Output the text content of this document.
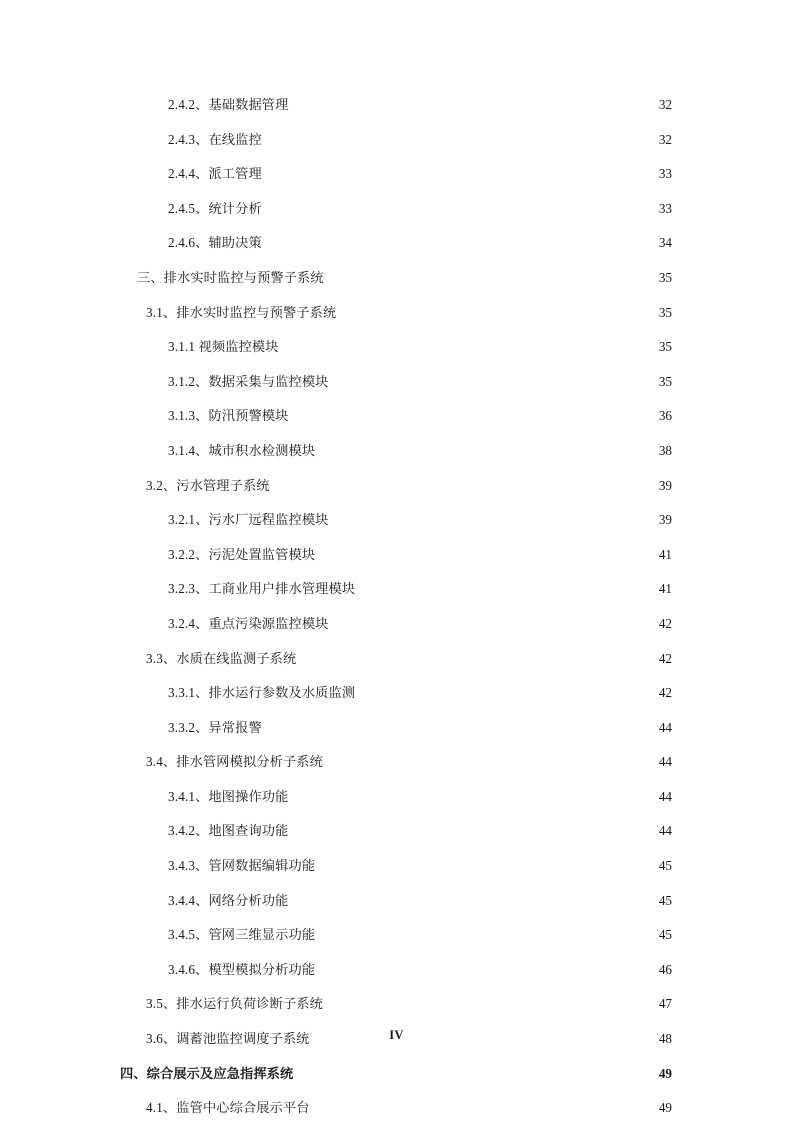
2.4.2、基础数据管理 . . .	32
2.4.3、在线监控 . . .	32
2.4.4、派工管理 . . .	33
2.4.5、统计分析 . . .	33
2.4.6、辅助决策 . . .	34
三、排水实时监控与预警子系统 . . .	35
3.1、排水实时监控与预警子系统 . . .	35
3.1.1 视频监控模块 . . .	35
3.1.2、数据采集与监控模块 . . .	35
3.1.3、防汛预警模块 . . .	36
3.1.4、城市积水检测模块 . . .	38
3.2、污水管理子系统 . . .	39
3.2.1、污水厂远程监控模块 . . .	39
3.2.2、污泥处置监管模块 . . .	41
3.2.3、工商业用户排水管理模块 . . .	41
3.2.4、重点污染源监控模块 . . .	42
3.3、水质在线监测子系统 . . .	42
3.3.1、排水运行参数及水质监测 . . .	42
3.3.2、异常报警 . . .	44
3.4、排水管网模拟分析子系统 . . .	44
3.4.1、地图操作功能 . . .	44
3.4.2、地图查询功能 . . .	44
3.4.3、管网数据编辑功能 . . .	45
3.4.4、网络分析功能 . . .	45
3.4.5、管网三维显示功能 . . .	45
3.4.6、模型模拟分析功能 . . .	46
3.5、排水运行负荷诊断子系统 . . .	47
3.6、调蓄池监控调度子系统 . . .	48
四、综合展示及应急指挥系统 . . .	49
4.1、监管中心综合展示平台 . . .	49
IV
